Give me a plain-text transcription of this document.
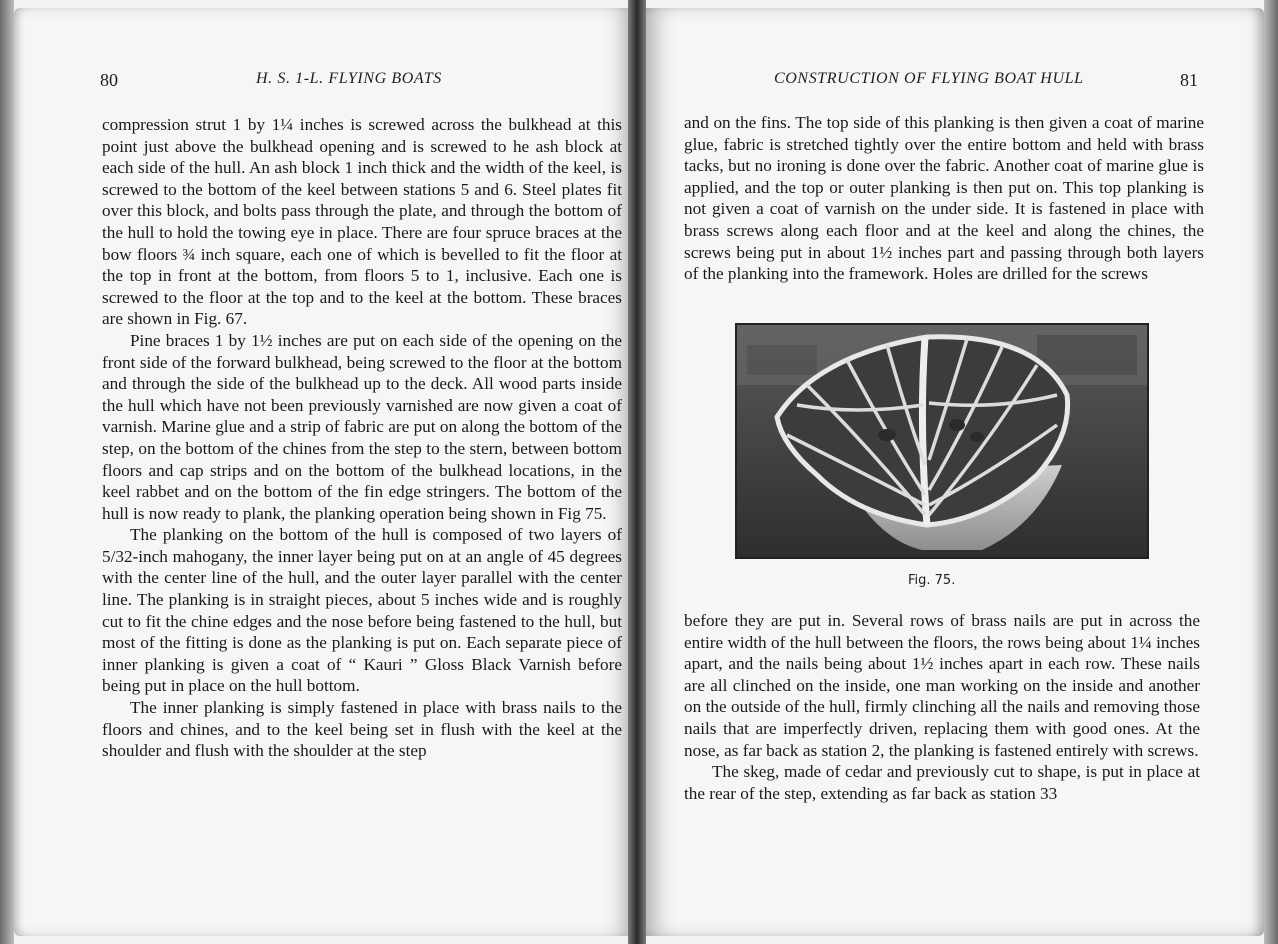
80	H. S. 1-L. FLYING BOATS

compression strut 1 by 1¼ inches is screwed across the bulkhead at this point just above the bulkhead opening and is screwed to he ash block at each side of the hull. An ash block 1 inch thick and the width of the keel, is screwed to the bottom of the keel between stations 5 and 6. Steel plates fit over this block, and bolts pass through the plate, and through the bottom of the hull to hold the towing eye in place. There are four spruce braces at the bow floors ¾ inch square, each one of which is bevelled to fit the floor at the top in front at the bottom, from floors 5 to 1, inclusive. Each one is screwed to the floor at the top and to the keel at the bottom. These braces are shown in Fig. 67.

Pine braces 1 by 1½ inches are put on each side of the opening on the front side of the forward bulkhead, being screwed to the floor at the bottom and through the side of the bulkhead up to the deck. All wood parts inside the hull which have not been previously varnished are now given a coat of varnish. Marine glue and a strip of fabric are put on along the bottom of the step, on the bottom of the chines from the step to the stern, between bottom floors and cap strips and on the bottom of the bulkhead locations, in the keel rabbet and on the bottom of the fin edge stringers. The bottom of the hull is now ready to plank, the planking operation being shown in Fig 75.

The planking on the bottom of the hull is composed of two layers of 5/32-inch mahogany, the inner layer being put on at an angle of 45 degrees with the center line of the hull, and the outer layer parallel with the center line. The planking is in straight pieces, about 5 inches wide and is roughly cut to fit the chine edges and the nose before being fastened to the hull, but most of the fitting is done as the planking is put on. Each separate piece of inner planking is given a coat of “ Kauri ” Gloss Black Varnish before being put in place on the hull bottom.

The inner planking is simply fastened in place with brass nails to the floors and chines, and to the keel being set in flush with the keel at the shoulder and flush with the shoulder at the step

CONSTRUCTION OF FLYING BOAT HULL	81

and on the fins. The top side of this planking is then given a coat of marine glue, fabric is stretched tightly over the entire bottom and held with brass tacks, but no ironing is done over the fabric. Another coat of marine glue is applied, and the top or outer planking is then put on. This top planking is not given a coat of varnish on the under side. It is fastened in place with brass screws along each floor and at the keel and along the chines, the screws being put in about 1½ inches part and passing through both layers of the planking into the framework. Holes are drilled for the screws

Fig. 75.

before they are put in. Several rows of brass nails are put in across the entire width of the hull between the floors, the rows being about 1¼ inches apart, and the nails being about 1½ inches apart in each row. These nails are all clinched on the inside, one man working on the inside and another on the outside of the hull, firmly clinching all the nails and removing those nails that are imperfectly driven, replacing them with good ones. At the nose, as far back as station 2, the planking is fastened entirely with screws.

The skeg, made of cedar and previously cut to shape, is put in place at the rear of the step, extending as far back as station 33
